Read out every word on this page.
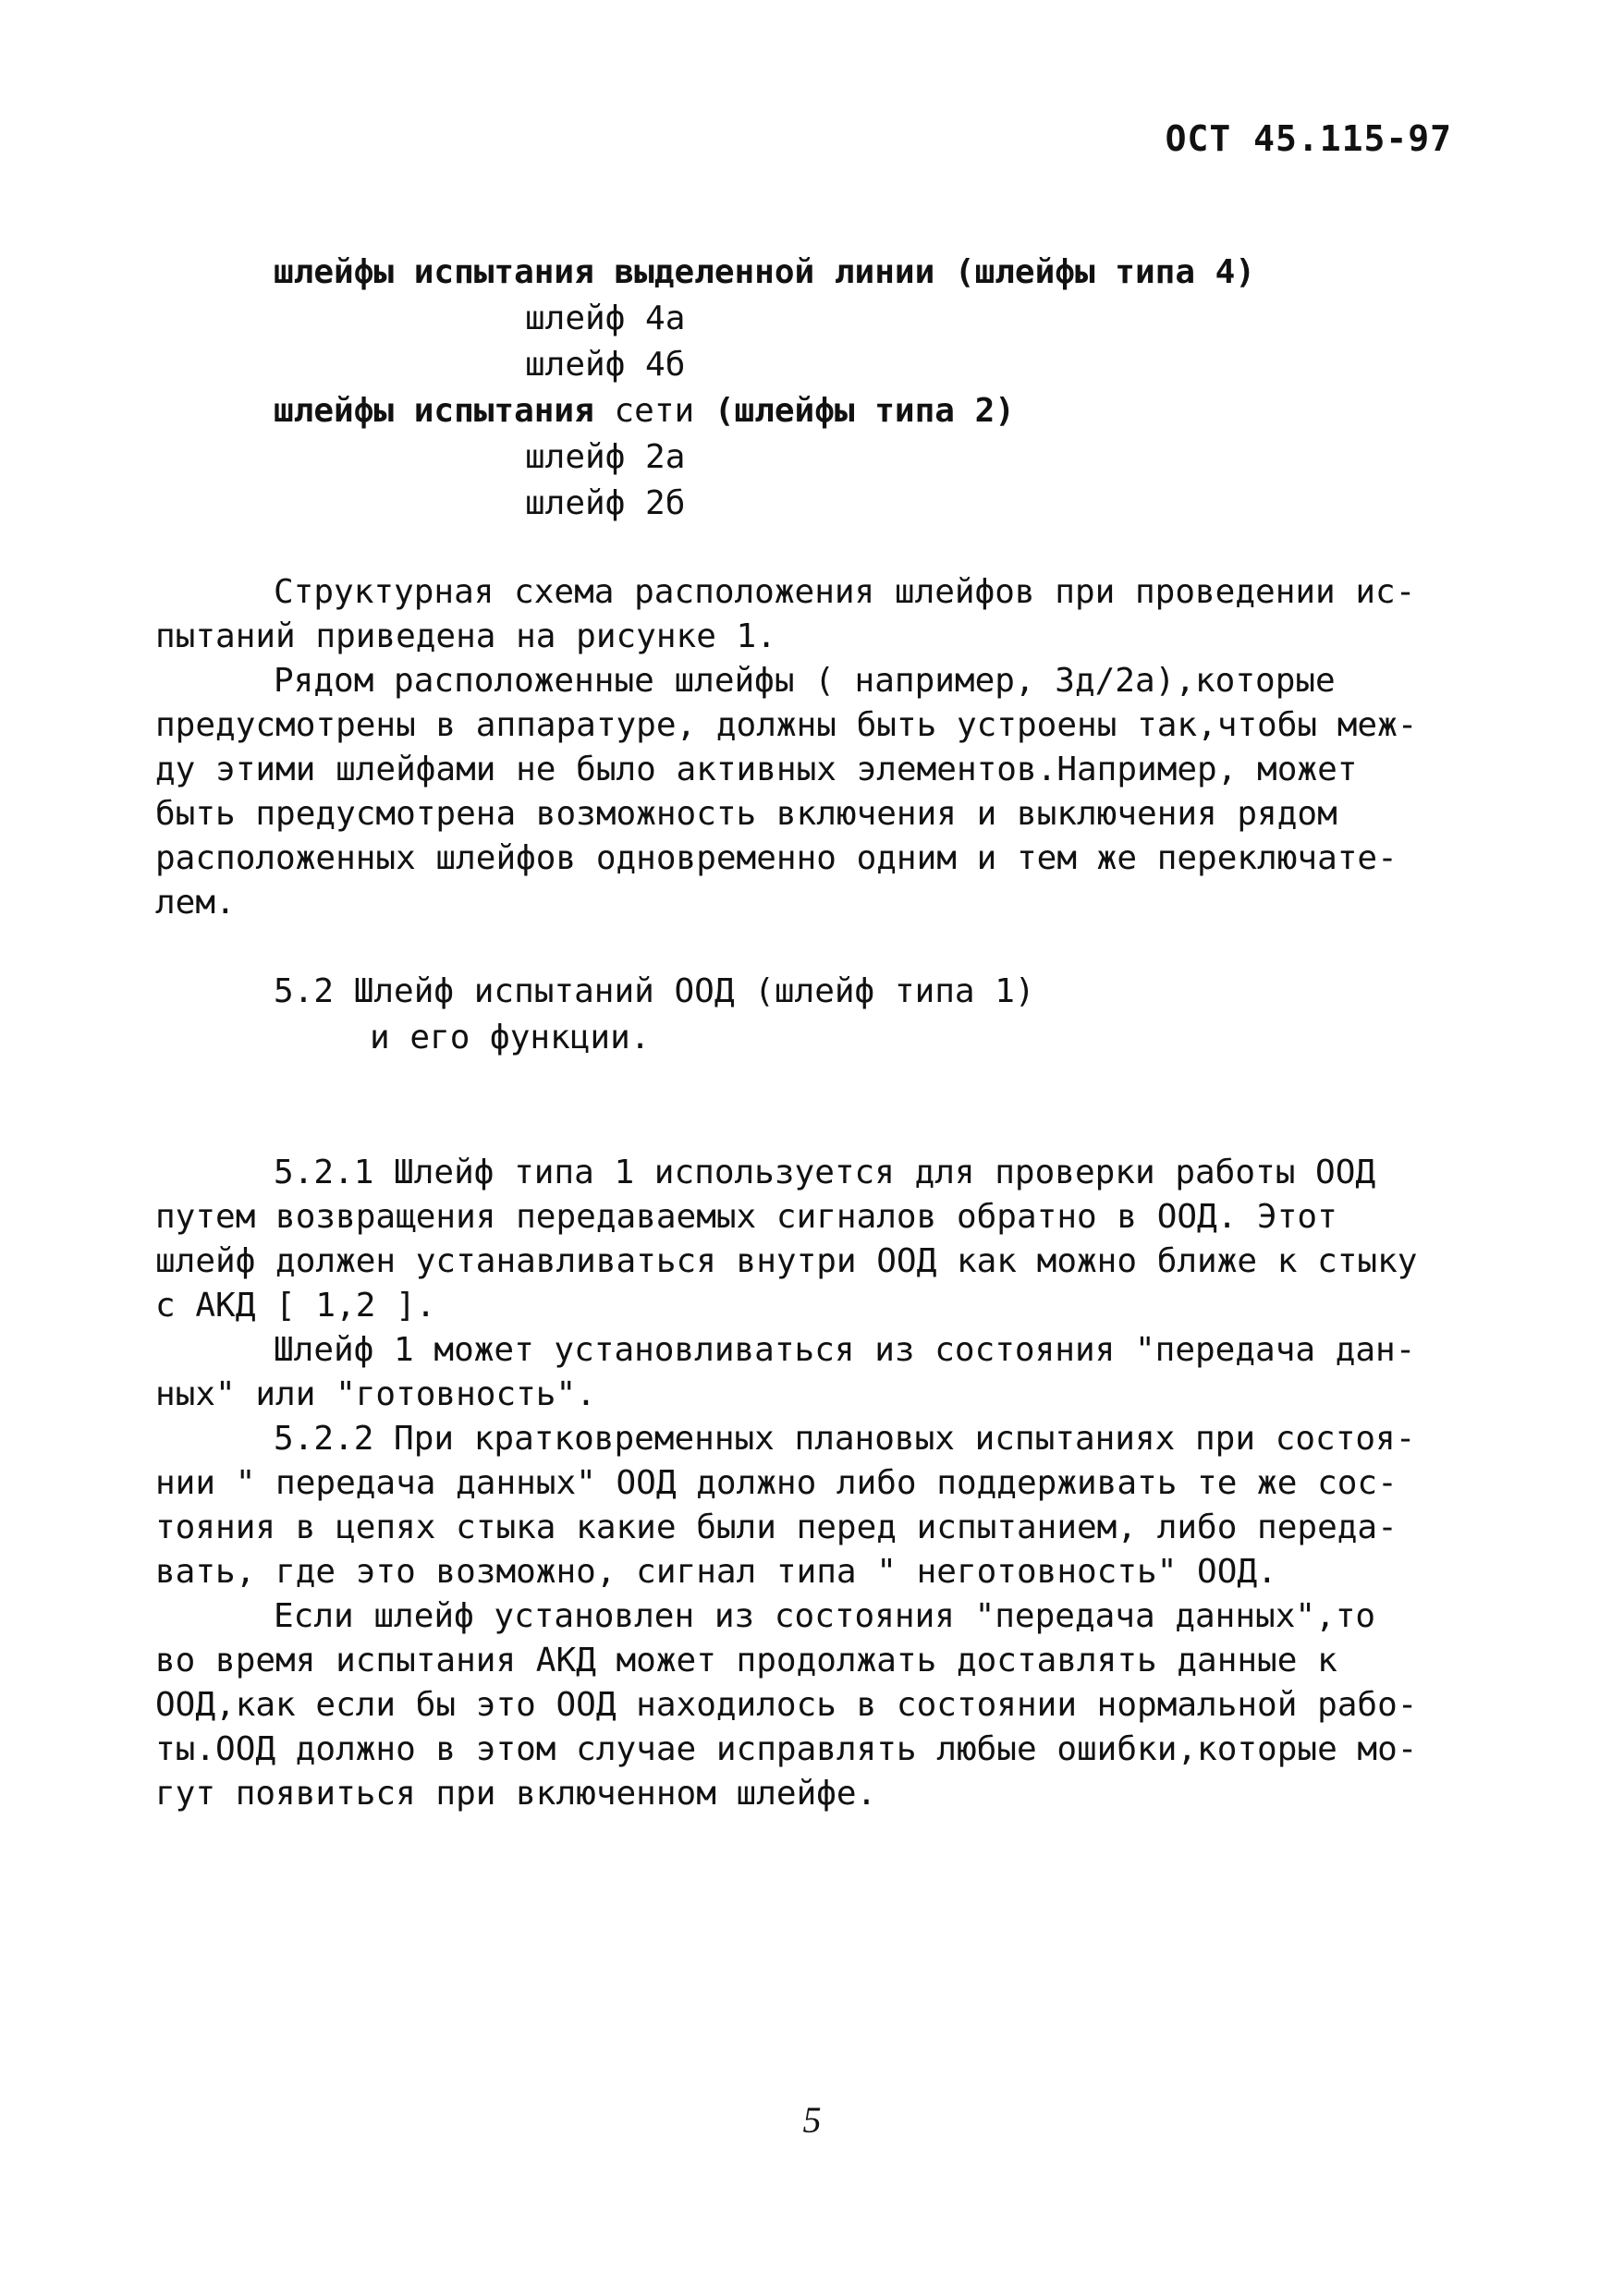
ОСТ 45.115-97
шлейфы испытания выделенной линии (шлейфы типа 4)
шлейф 4а
шлейф 4б
шлейфы испытания сети (шлейфы типа 2)
шлейф 2а
шлейф 2б
Структурная схема расположения шлейфов при проведении ис-
пытаний приведена на рисунке 1.
Рядом расположенные шлейфы ( например, 3д/2а),которые
предусмотрены в аппаратуре, должны быть устроены так,чтобы меж-
ду этими шлейфами не было активных элементов.Например, может
быть предусмотрена возможность включения и выключения рядом
расположенных шлейфов одновременно одним и тем же переключате-
лем.
5.2 Шлейф испытаний ООД (шлейф типа 1)
и его функции.
5.2.1 Шлейф типа 1 используется для проверки работы ООД
путем возвращения передаваемых сигналов обратно в ООД. Этот
шлейф должен устанавливаться внутри ООД как можно ближе к стыку
с АКД [ 1,2 ].
Шлейф 1 может установливаться из состояния "передача дан-
ных" или "готовность".
5.2.2 При кратковременных плановых испытаниях при состоя-
нии " передача данных" ООД должно либо поддерживать те же сос-
тояния в цепях стыка какие были перед испытанием, либо переда-
вать, где это возможно, сигнал типа " неготовность" ООД.
Если шлейф установлен из состояния "передача данных",то
во время испытания АКД может продолжать доставлять данные к
ООД,как если бы это ООД находилось в состоянии нормальной рабо-
ты.ООД должно в этом случае исправлять любые ошибки,которые мо-
гут появиться при включенном шлейфе.
5
